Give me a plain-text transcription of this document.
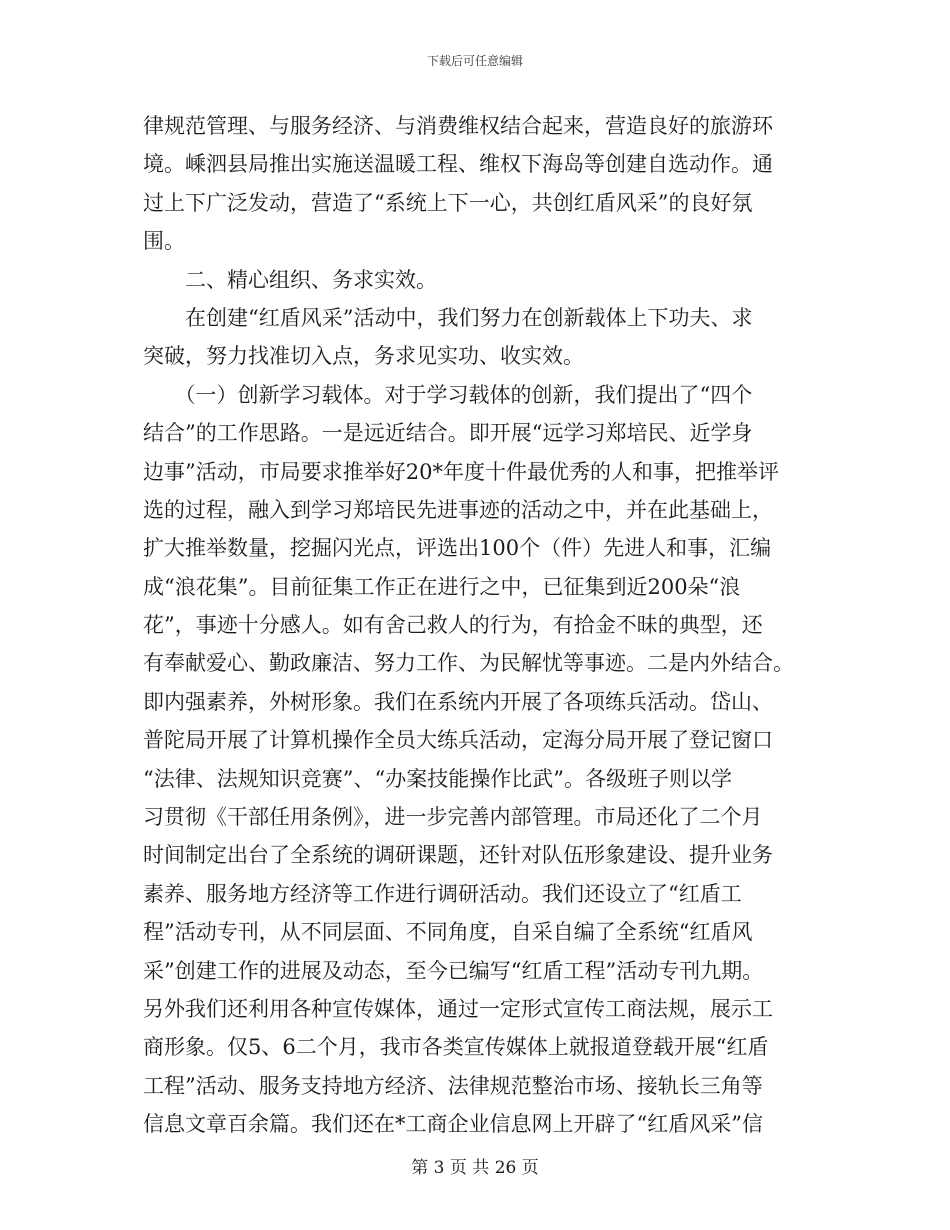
下载后可任意编辑
律规范管理、与服务经济、与消费维权结合起来，营造良好的旅游环
境。嵊泗县局推出实施送温暖工程、维权下海岛等创建自选动作。通
过上下广泛发动，营造了“系统上下一心，共创红盾风采”的良好氛
围。
　　二、精心组织、务求实效。
　　在创建“红盾风采”活动中，我们努力在创新载体上下功夫、求
突破，努力找准切入点，务求见实功、收实效。
　　（一）创新学习载体。对于学习载体的创新，我们提出了“四个
结合”的工作思路。一是远近结合。即开展“远学习郑培民、近学身
边事”活动，市局要求推举好20*年度十件最优秀的人和事，把推举评
选的过程，融入到学习郑培民先进事迹的活动之中，并在此基础上，
扩大推举数量，挖掘闪光点，评选出100个（件）先进人和事，汇编
成“浪花集”。目前征集工作正在进行之中，已征集到近200朵“浪
花”，事迹十分感人。如有舍己救人的行为，有拾金不昧的典型，还
有奉献爱心、勤政廉洁、努力工作、为民解忧等事迹。二是内外结合。
即内强素养，外树形象。我们在系统内开展了各项练兵活动。岱山、
普陀局开展了计算机操作全员大练兵活动，定海分局开展了登记窗口
“法律、法规知识竞赛”、“办案技能操作比武”。各级班子则以学
习贯彻《干部任用条例》，进一步完善内部管理。市局还化了二个月
时间制定出台了全系统的调研课题，还针对队伍形象建设、提升业务
素养、服务地方经济等工作进行调研活动。我们还设立了“红盾工
程”活动专刊，从不同层面、不同角度，自采自编了全系统“红盾风
采”创建工作的进展及动态，至今已编写“红盾工程”活动专刊九期。
另外我们还利用各种宣传媒体，通过一定形式宣传工商法规，展示工
商形象。仅5、6二个月，我市各类宣传媒体上就报道登载开展“红盾
工程”活动、服务支持地方经济、法律规范整治市场、接轨长三角等
信息文章百余篇。我们还在*工商企业信息网上开辟了“红盾风采”信
第 3 页 共 26 页
